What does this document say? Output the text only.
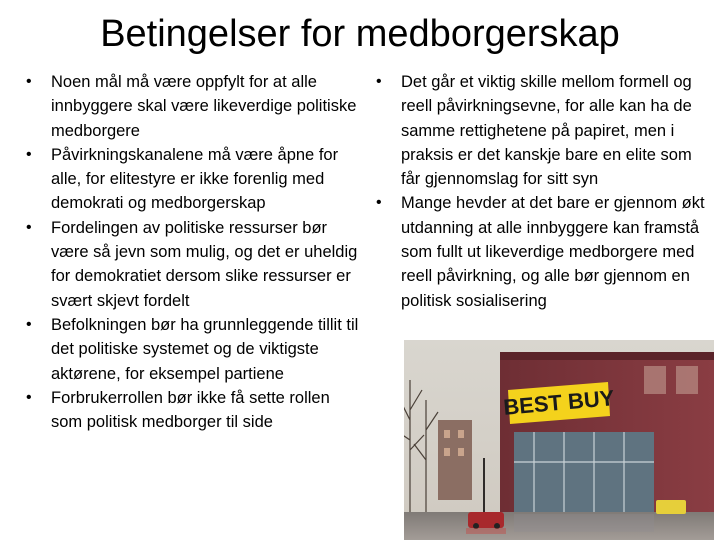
Betingelser for medborgerskap
• Noen mål må være oppfylt for at alle innbyggere skal være likeverdige politiske medborgere
• Påvirkningskanalene må være åpne for alle, for elitestyre er ikke forenlig med demokrati og medborgerskap
• Fordelingen av politiske ressurser bør være så jevn som mulig, og det er uheldig for demokratiet dersom slike ressurser er svært skjevt fordelt
• Befolkningen bør ha grunnleggende tillit til det politiske systemet og de viktigste aktørene, for eksempel partiene
• Forbrukerrollen bør ikke få sette rollen som politisk medborger til side
• Det går et viktig skille mellom formell og reell påvirkningsevne, for alle kan ha de samme rettighetene på papiret, men i praksis er det kanskje bare en elite som får gjennomslag for sitt syn
• Mange hevder at det bare er gjennom økt utdanning at alle innbyggere kan framstå som fullt ut likeverdige medborgere med reell påvirkning, og alle bør gjennom en politisk sosialisering
BEST BUY
